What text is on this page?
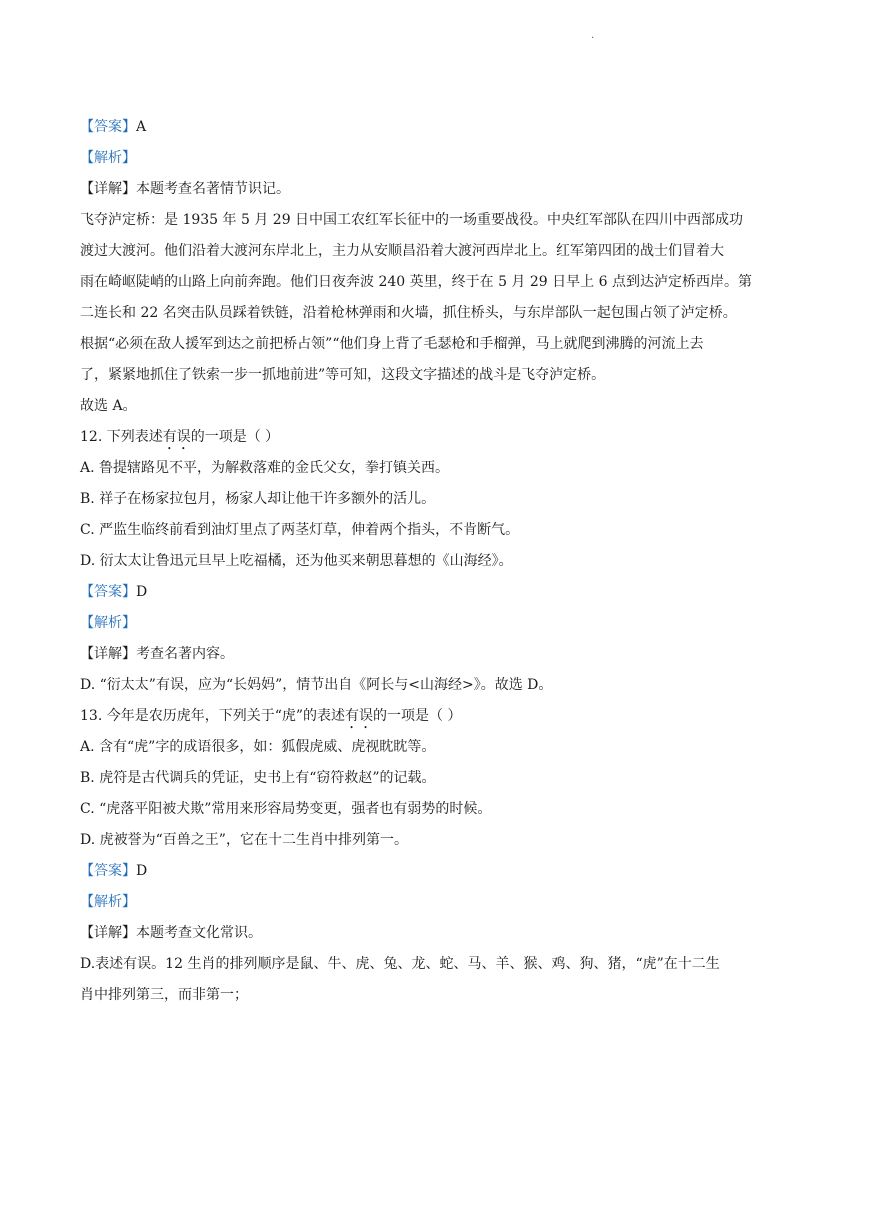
.
【答案】A
【解析】
【详解】本题考查名著情节识记。
飞夺泸定桥：是 1935 年 5 月 29 日中国工农红军长征中的一场重要战役。中央红军部队在四川中西部成功
渡过大渡河。他们沿着大渡河东岸北上，主力从安顺昌沿着大渡河西岸北上。红军第四团的战士们冒着大
雨在崎岖陡峭的山路上向前奔跑。他们日夜奔波 240 英里，终于在 5 月 29 日早上 6 点到达泸定桥西岸。第
二连长和 22 名突击队员踩着铁链，沿着枪林弹雨和火墙，抓住桥头，与东岸部队一起包围占领了泸定桥。
根据“必须在敌人援军到达之前把桥占领”“他们身上背了毛瑟枪和手榴弹，马上就爬到沸腾的河流上去
了，紧紧地抓住了铁索一步一抓地前进”等可知，这段文字描述的战斗是飞夺泸定桥。
故选 A。
12. 下列表述有误的一项是（ ）
A. 鲁提辖路见不平，为解救落难的金氏父女，拳打镇关西。
B. 祥子在杨家拉包月，杨家人却让他干许多额外的活儿。
C. 严监生临终前看到油灯里点了两茎灯草，伸着两个指头，不肯断气。
D. 衍太太让鲁迅元旦早上吃福橘，还为他买来朝思暮想的《山海经》。
【答案】D
【解析】
【详解】考查名著内容。
D. “衍太太”有误，应为“长妈妈”，情节出自《阿长与<山海经>》。故选 D。
13. 今年是农历虎年，下列关于“虎”的表述有误的一项是（ ）
A. 含有“虎”字的成语很多，如：狐假虎威、虎视眈眈等。
B. 虎符是古代调兵的凭证，史书上有“窃符救赵”的记载。
C. “虎落平阳被犬欺”常用来形容局势变更，强者也有弱势的时候。
D. 虎被誉为“百兽之王”，它在十二生肖中排列第一。
【答案】D
【解析】
【详解】本题考查文化常识。
D.表述有误。12 生肖的排列顺序是鼠、牛、虎、兔、龙、蛇、马、羊、猴、鸡、狗、猪，“虎”在十二生
肖中排列第三，而非第一；
